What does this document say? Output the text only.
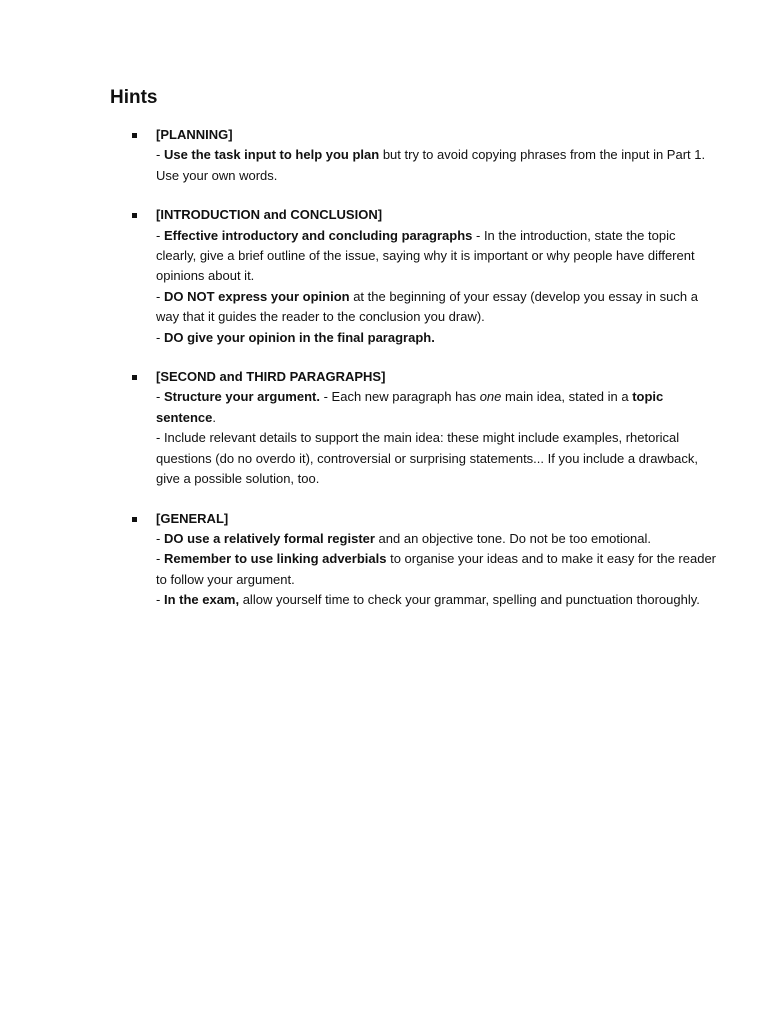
Hints
[PLANNING]
- Use the task input to help you plan but try to avoid copying phrases from the input in Part 1. Use your own words.
[INTRODUCTION and CONCLUSION]
- Effective introductory and concluding paragraphs - In the introduction, state the topic clearly, give a brief outline of the issue, saying why it is important or why people have different opinions about it.
- DO NOT express your opinion at the beginning of your essay (develop you essay in such a way that it guides the reader to the conclusion you draw).
- DO give your opinion in the final paragraph.
[SECOND and THIRD PARAGRAPHS]
- Structure your argument. - Each new paragraph has one main idea, stated in a topic sentence.
- Include relevant details to support the main idea: these might include examples, rhetorical questions (do no overdo it), controversial or surprising statements... If you include a drawback, give a possible solution, too.
[GENERAL]
- DO use a relatively formal register and an objective tone. Do not be too emotional.
- Remember to use linking adverbials to organise your ideas and to make it easy for the reader to follow your argument.
- In the exam, allow yourself time to check your grammar, spelling and punctuation thoroughly.
